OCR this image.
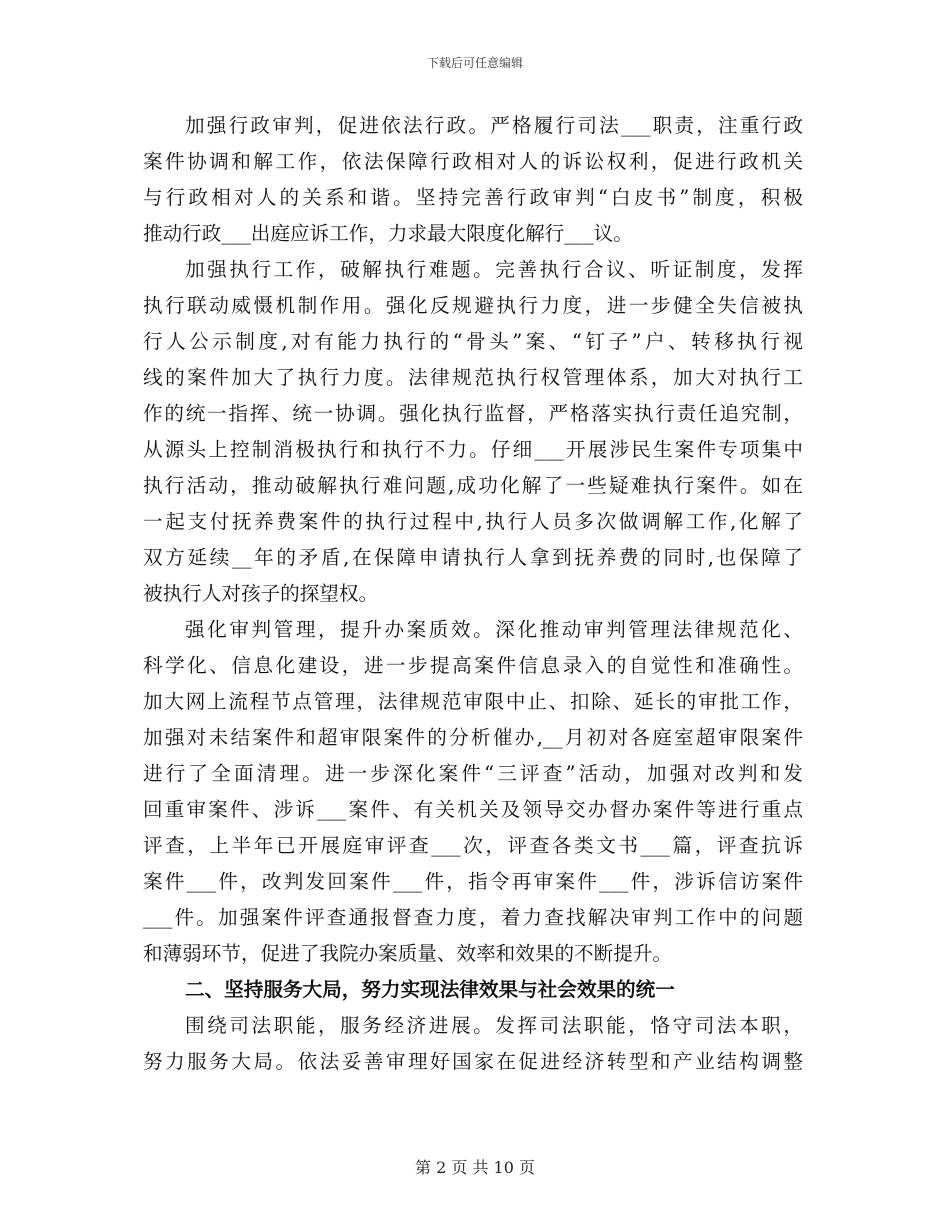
下载后可任意编辑
加强行政审判，促进依法行政。严格履行司法___职责，注重行政
案件协调和解工作，依法保障行政相对人的诉讼权利，促进行政机关
与行政相对人的关系和谐。坚持完善行政审判“白皮书”制度，积极
推动行政___出庭应诉工作，力求最大限度化解行___议。
加强执行工作，破解执行难题。完善执行合议、听证制度，发挥
执行联动威慑机制作用。强化反规避执行力度，进一步健全失信被执
行人公示制度,对有能力执行的“骨头”案、“钉子”户、转移执行视
线的案件加大了执行力度。法律规范执行权管理体系，加大对执行工
作的统一指挥、统一协调。强化执行监督，严格落实执行责任追究制，
从源头上控制消极执行和执行不力。仔细___开展涉民生案件专项集中
执行活动，推动破解执行难问题,成功化解了一些疑难执行案件。如在
一起支付抚养费案件的执行过程中,执行人员多次做调解工作,化解了
双方延续__年的矛盾,在保障申请执行人拿到抚养费的同时,也保障了
被执行人对孩子的探望权。
强化审判管理，提升办案质效。深化推动审判管理法律规范化、
科学化、信息化建设，进一步提高案件信息录入的自觉性和准确性。
加大网上流程节点管理，法律规范审限中止、扣除、延长的审批工作，
加强对未结案件和超审限案件的分析催办,__月初对各庭室超审限案件
进行了全面清理。进一步深化案件“三评查”活动，加强对改判和发
回重审案件、涉诉___案件、有关机关及领导交办督办案件等进行重点
评查，上半年已开展庭审评查___次，评查各类文书___篇，评查抗诉
案件___件，改判发回案件___件，指令再审案件___件，涉诉信访案件
___件。加强案件评查通报督查力度，着力查找解决审判工作中的问题
和薄弱环节，促进了我院办案质量、效率和效果的不断提升。
二、坚持服务大局，努力实现法律效果与社会效果的统一
围绕司法职能，服务经济进展。发挥司法职能，恪守司法本职，
努力服务大局。依法妥善审理好国家在促进经济转型和产业结构调整
第 2 页 共 10 页
